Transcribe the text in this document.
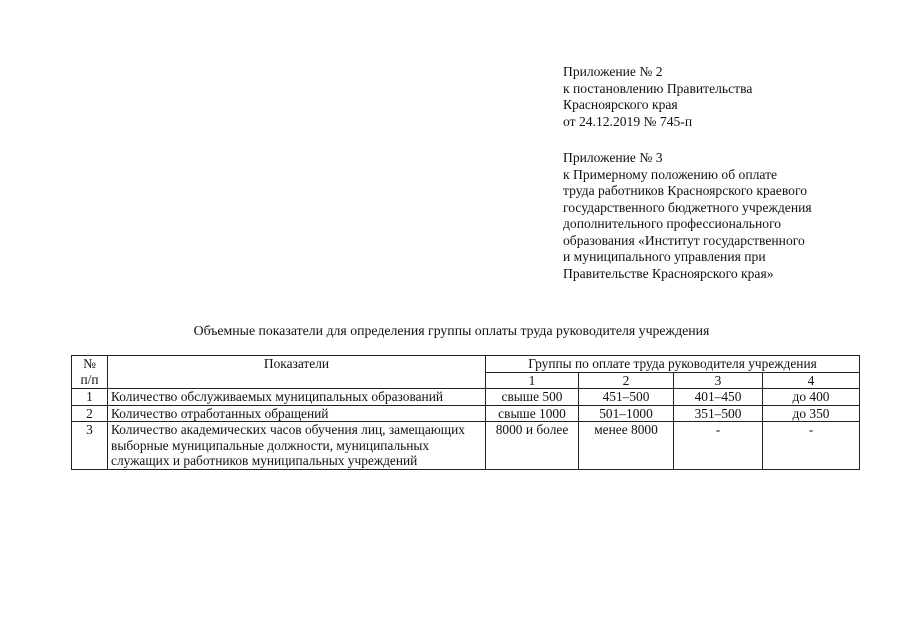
Приложение № 2
к постановлению Правительства
Красноярского края
от 24.12.2019 № 745-п
Приложение № 3
к Примерному положению об оплате
труда работников Красноярского краевого
государственного бюджетного учреждения
дополнительного профессионального
образования «Институт государственного
и муниципального управления при
Правительстве Красноярского края»
Объемные показатели для определения группы оплаты труда руководителя учреждения
№
п/п	Показатели	Группы по оплате труда руководителя учреждения			
		1	2	3	4
1	Количество обслуживаемых муниципальных образований	свыше 500	451–500	401–450	до 400
2	Количество отработанных обращений	свыше 1000	501–1000	351–500	до 350
3	Количество академических часов обучения лиц, замещающих выборные муниципальные должности, муниципальных служащих и работников муниципальных учреждений	8000 и более	менее 8000	-	-
